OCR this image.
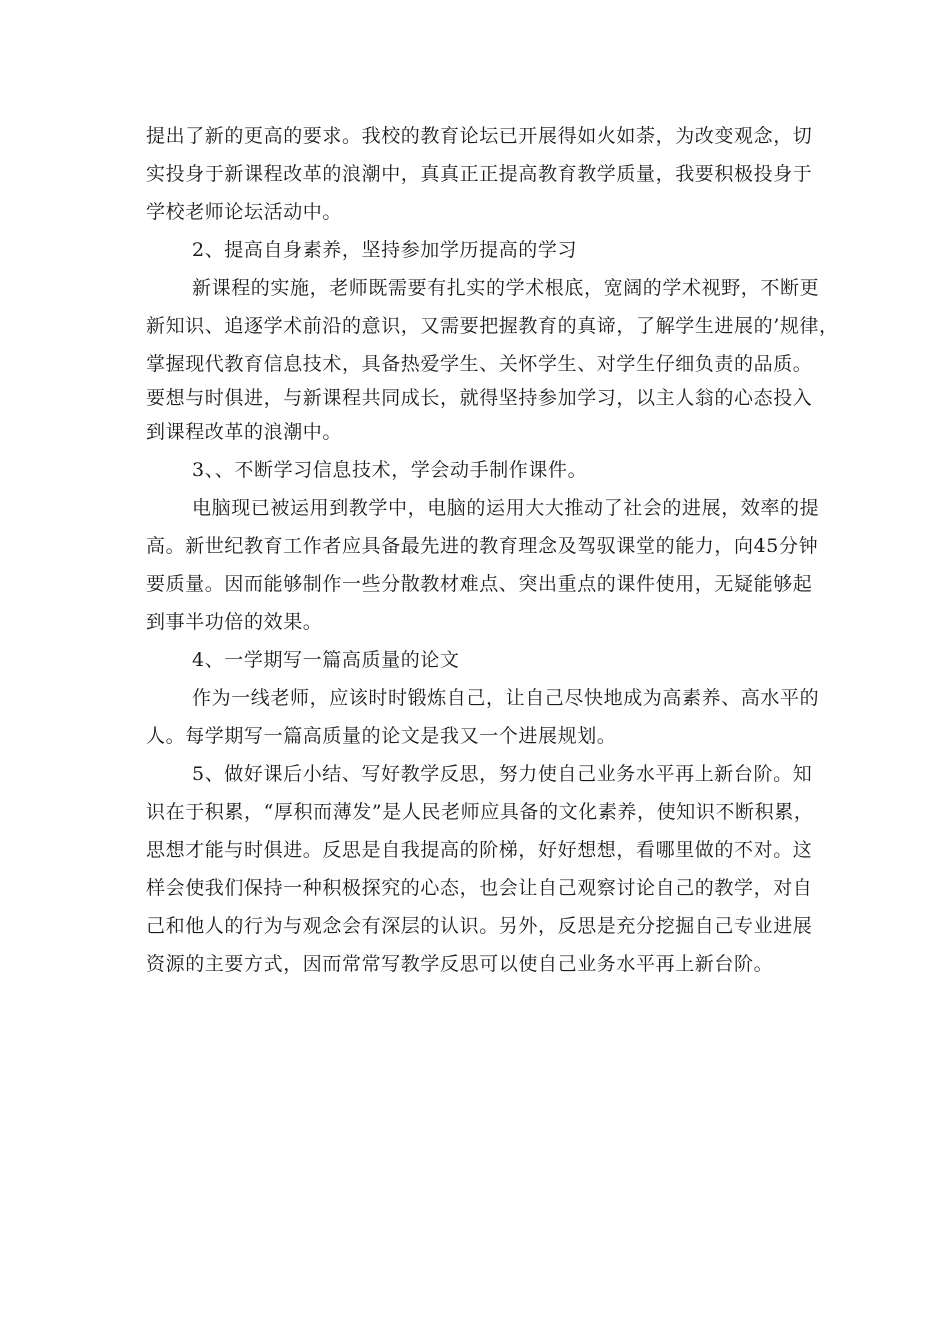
提出了新的更高的要求。我校的教育论坛已开展得如火如荼，为改变观念，切
实投身于新课程改革的浪潮中，真真正正提高教育教学质量，我要积极投身于
学校老师论坛活动中。
2、提高自身素养，坚持参加学历提高的学习
新课程的实施，老师既需要有扎实的学术根底，宽阔的学术视野，不断更
新知识、追逐学术前沿的意识，又需要把握教育的真谛，了解学生进展的’规律，
掌握现代教育信息技术，具备热爱学生、关怀学生、对学生仔细负责的品质。
要想与时俱进，与新课程共同成长，就得坚持参加学习，以主人翁的心态投入
到课程改革的浪潮中。
3、、不断学习信息技术，学会动手制作课件。
电脑现已被运用到教学中，电脑的运用大大推动了社会的进展，效率的提
高。新世纪教育工作者应具备最先进的教育理念及驾驭课堂的能力，向45分钟
要质量。因而能够制作一些分散教材难点、突出重点的课件使用，无疑能够起
到事半功倍的效果。
4、一学期写一篇高质量的论文
作为一线老师，应该时时锻炼自己，让自己尽快地成为高素养、高水平的
人。每学期写一篇高质量的论文是我又一个进展规划。
5、做好课后小结、写好教学反思，努力使自己业务水平再上新台阶。知
识在于积累，“厚积而薄发”是人民老师应具备的文化素养，使知识不断积累，
思想才能与时俱进。反思是自我提高的阶梯，好好想想，看哪里做的不对。这
样会使我们保持一种积极探究的心态，也会让自己观察讨论自己的教学，对自
己和他人的行为与观念会有深层的认识。另外，反思是充分挖掘自己专业进展
资源的主要方式，因而常常写教学反思可以使自己业务水平再上新台阶。
